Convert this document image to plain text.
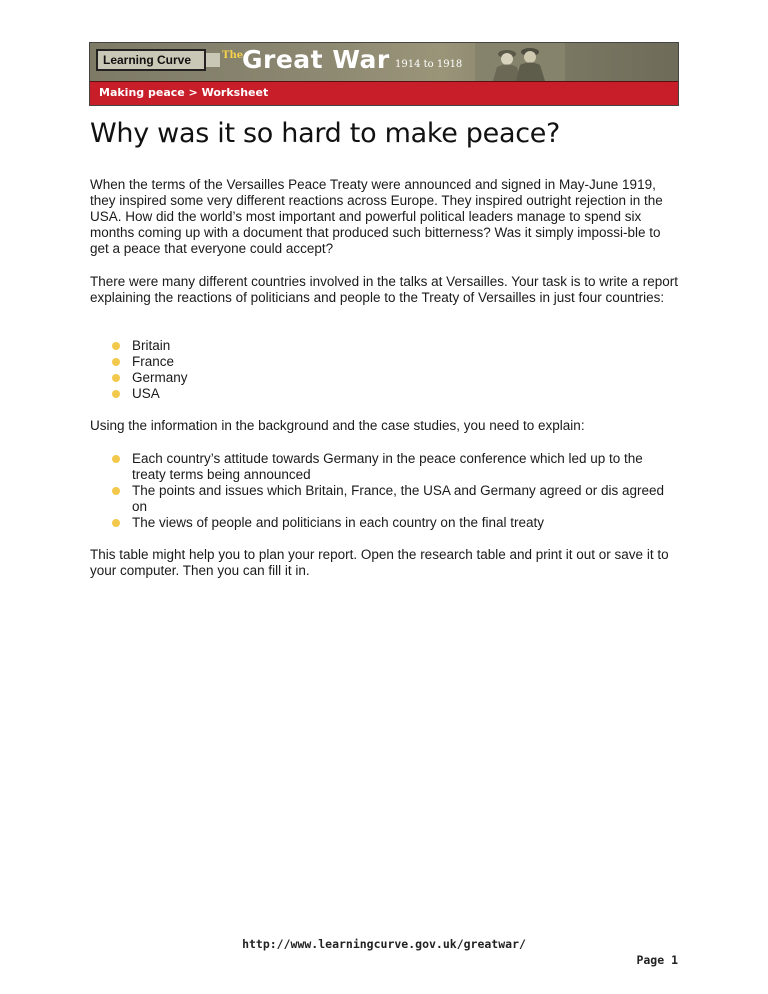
Learning Curve	The
Great War 1914 to 1918
Making peace > Worksheet
Why was it so hard to make peace?

When the terms of the Versailles Peace Treaty were announced and signed in May-June 1919, they inspired some very different reactions across Europe. They inspired outright rejection in the USA. How did the world’s most important and powerful political leaders manage to spend six months coming up with a document that produced such bitterness? Was it simply impossi-ble to get a peace that everyone could accept?

There were many different countries involved in the talks at Versailles. Your task is to write a report explaining the reactions of politicians and people to the Treaty of Versailles in just four countries:

Britain
France
Germany
USA

Using the information in the background and the case studies, you need to explain:

Each country’s attitude towards Germany in the peace conference which led up to the treaty terms being announced
The points and issues which Britain, France, the USA and Germany agreed or dis agreed on
The views of people and politicians in each country on the final treaty

This table might help you to plan your report. Open the research table and print it out or save it to your computer. Then you can fill it in.

http://www.learningcurve.gov.uk/greatwar/
Page 1
